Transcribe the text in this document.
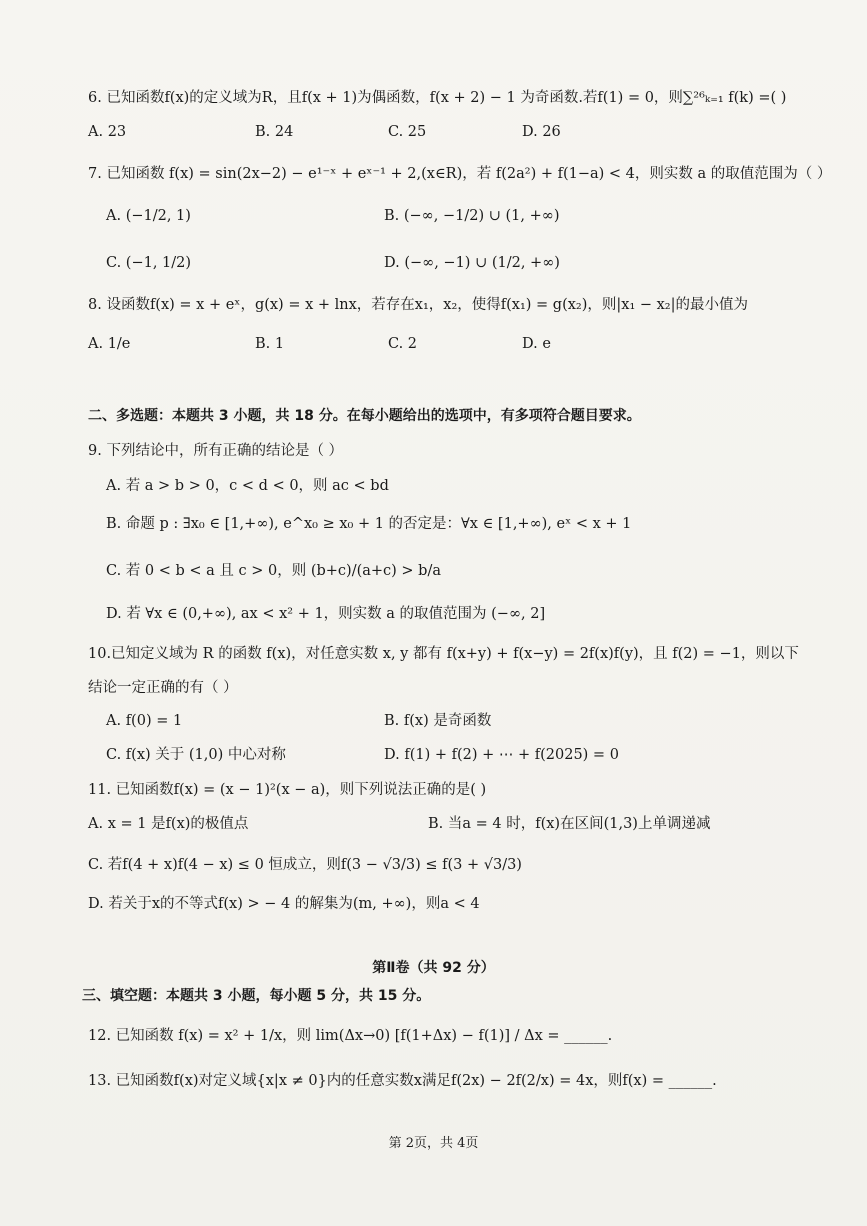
6. 已知函数f(x)的定义域为R，且f(x + 1)为偶函数，f(x + 2) − 1 为奇函数.若f(1) = 0，则∑²⁶ₖ₌₁ f(k) =( )
A. 23	B. 24	C. 25	D. 26
7. 已知函数 f(x) = sin(2x−2) − e¹⁻ˣ + eˣ⁻¹ + 2,(x∈R)，若 f(2a²) + f(1−a) < 4，则实数 a 的取值范围为（ ）
A. (−1/2, 1)	B. (−∞, −1/2) ∪ (1, +∞)
C. (−1, 1/2)	D. (−∞, −1) ∪ (1/2, +∞)
8. 设函数f(x) = x + eˣ，g(x) = x + lnx，若存在x₁，x₂，使得f(x₁) = g(x₂)，则|x₁ − x₂|的最小值为
A. 1/e	B. 1	C. 2	D. e
二、多选题：本题共 3 小题，共 18 分。在每小题给出的选项中，有多项符合题目要求。
9. 下列结论中，所有正确的结论是（ ）
A. 若 a > b > 0，c < d < 0，则 ac < bd
B. 命题 p : ∃x₀ ∈ [1,+∞), e^x₀ ≥ x₀ + 1 的否定是：∀x ∈ [1,+∞), eˣ < x + 1
C. 若 0 < b < a 且 c > 0，则 (b+c)/(a+c) > b/a
D. 若 ∀x ∈ (0,+∞), ax < x² + 1，则实数 a 的取值范围为 (−∞, 2]
10.已知定义域为 R 的函数 f(x)，对任意实数 x, y 都有 f(x+y) + f(x−y) = 2f(x)f(y)，且 f(2) = −1，则以下
结论一定正确的有（ ）
A. f(0) = 1	B. f(x) 是奇函数
C. f(x) 关于 (1,0) 中心对称	D. f(1) + f(2) + ⋯ + f(2025) = 0
11. 已知函数f(x) = (x − 1)²(x − a)，则下列说法正确的是( )
A. x = 1 是f(x)的极值点	B. 当a = 4 时，f(x)在区间(1,3)上单调递减
C. 若f(4 + x)f(4 − x) ≤ 0 恒成立，则f(3 − √3/3) ≤ f(3 + √3/3)
D. 若关于x的不等式f(x) > − 4 的解集为(m, +∞)，则a < 4
第Ⅱ卷（共 92 分）
三、填空题：本题共 3 小题，每小题 5 分，共 15 分。
12. 已知函数 f(x) = x² + 1/x，则 lim(Δx→0) [f(1+Δx) − f(1)] / Δx = ______.
13. 已知函数f(x)对定义域{x|x ≠ 0}内的任意实数x满足f(2x) − 2f(2/x) = 4x，则f(x) = ______.
第 2页，共 4页
